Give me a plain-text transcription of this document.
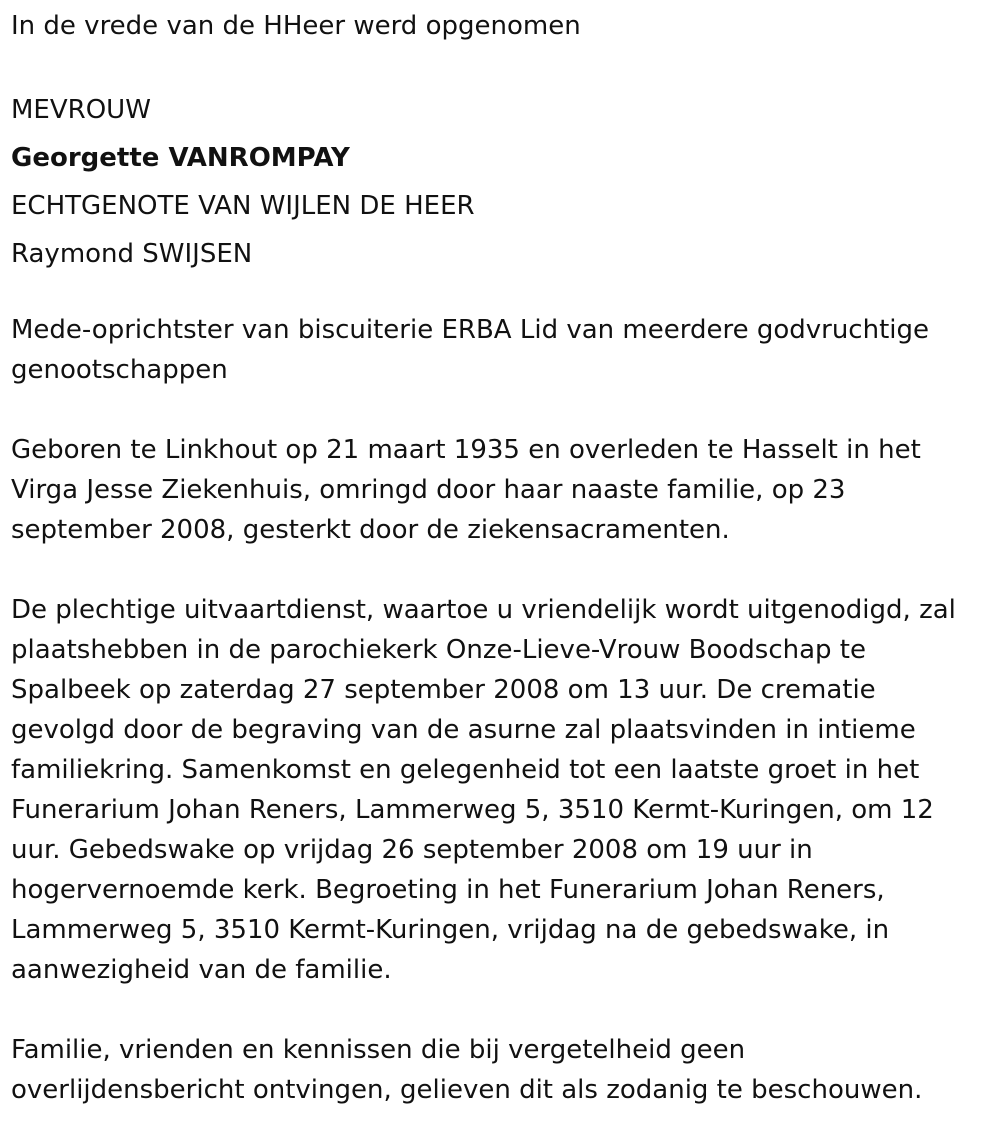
In de vrede van de HHeer werd opgenomen

MEVROUW

Georgette VANROMPAY

ECHTGENOTE VAN WIJLEN DE HEER

Raymond SWIJSEN

Mede-oprichtster van biscuiterie ERBA Lid van meerdere godvruchtige

genootschappen

Geboren te Linkhout op 21 maart 1935 en overleden te Hasselt in het

Virga Jesse Ziekenhuis, omringd door haar naaste familie, op 23

september 2008, gesterkt door de ziekensacramenten.

De plechtige uitvaartdienst, waartoe u vriendelijk wordt uitgenodigd, zal

plaatshebben in de parochiekerk Onze-Lieve-Vrouw Boodschap te

Spalbeek op zaterdag 27 september 2008 om 13 uur. De crematie

gevolgd door de begraving van de asurne zal plaatsvinden in intieme

familiekring. Samenkomst en gelegenheid tot een laatste groet in het

Funerarium Johan Reners, Lammerweg 5, 3510 Kermt-Kuringen, om 12

uur. Gebedswake op vrijdag 26 september 2008 om 19 uur in

hogervernoemde kerk. Begroeting in het Funerarium Johan Reners,

Lammerweg 5, 3510 Kermt-Kuringen, vrijdag na de gebedswake, in

aanwezigheid van de familie.

Familie, vrienden en kennissen die bij vergetelheid geen

overlijdensbericht ontvingen, gelieven dit als zodanig te beschouwen.
